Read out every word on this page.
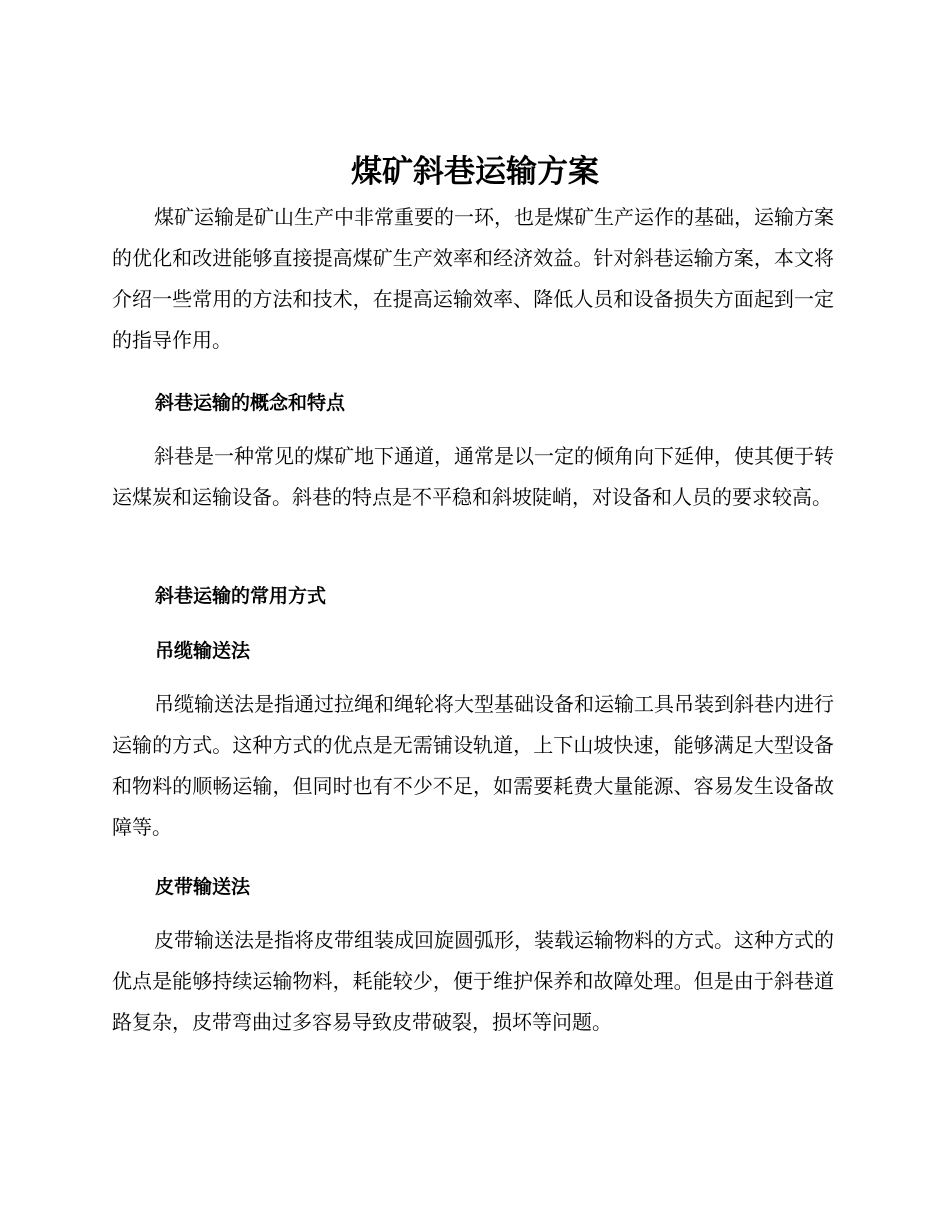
煤矿斜巷运输方案

煤矿运输是矿山生产中非常重要的一环，也是煤矿生产运作的基础，运输方案的优化和改进能够直接提高煤矿生产效率和经济效益。针对斜巷运输方案，本文将介绍一些常用的方法和技术，在提高运输效率、降低人员和设备损失方面起到一定的指导作用。

斜巷运输的概念和特点

斜巷是一种常见的煤矿地下通道，通常是以一定的倾角向下延伸，使其便于转运煤炭和运输设备。斜巷的特点是不平稳和斜坡陡峭，对设备和人员的要求较高。

斜巷运输的常用方式
吊缆输送法

吊缆输送法是指通过拉绳和绳轮将大型基础设备和运输工具吊装到斜巷内进行运输的方式。这种方式的优点是无需铺设轨道，上下山坡快速，能够满足大型设备和物料的顺畅运输，但同时也有不少不足，如需要耗费大量能源、容易发生设备故障等。

皮带输送法

皮带输送法是指将皮带组装成回旋圆弧形，装载运输物料的方式。这种方式的优点是能够持续运输物料，耗能较少，便于维护保养和故障处理。但是由于斜巷道路复杂，皮带弯曲过多容易导致皮带破裂，损坏等问题。
